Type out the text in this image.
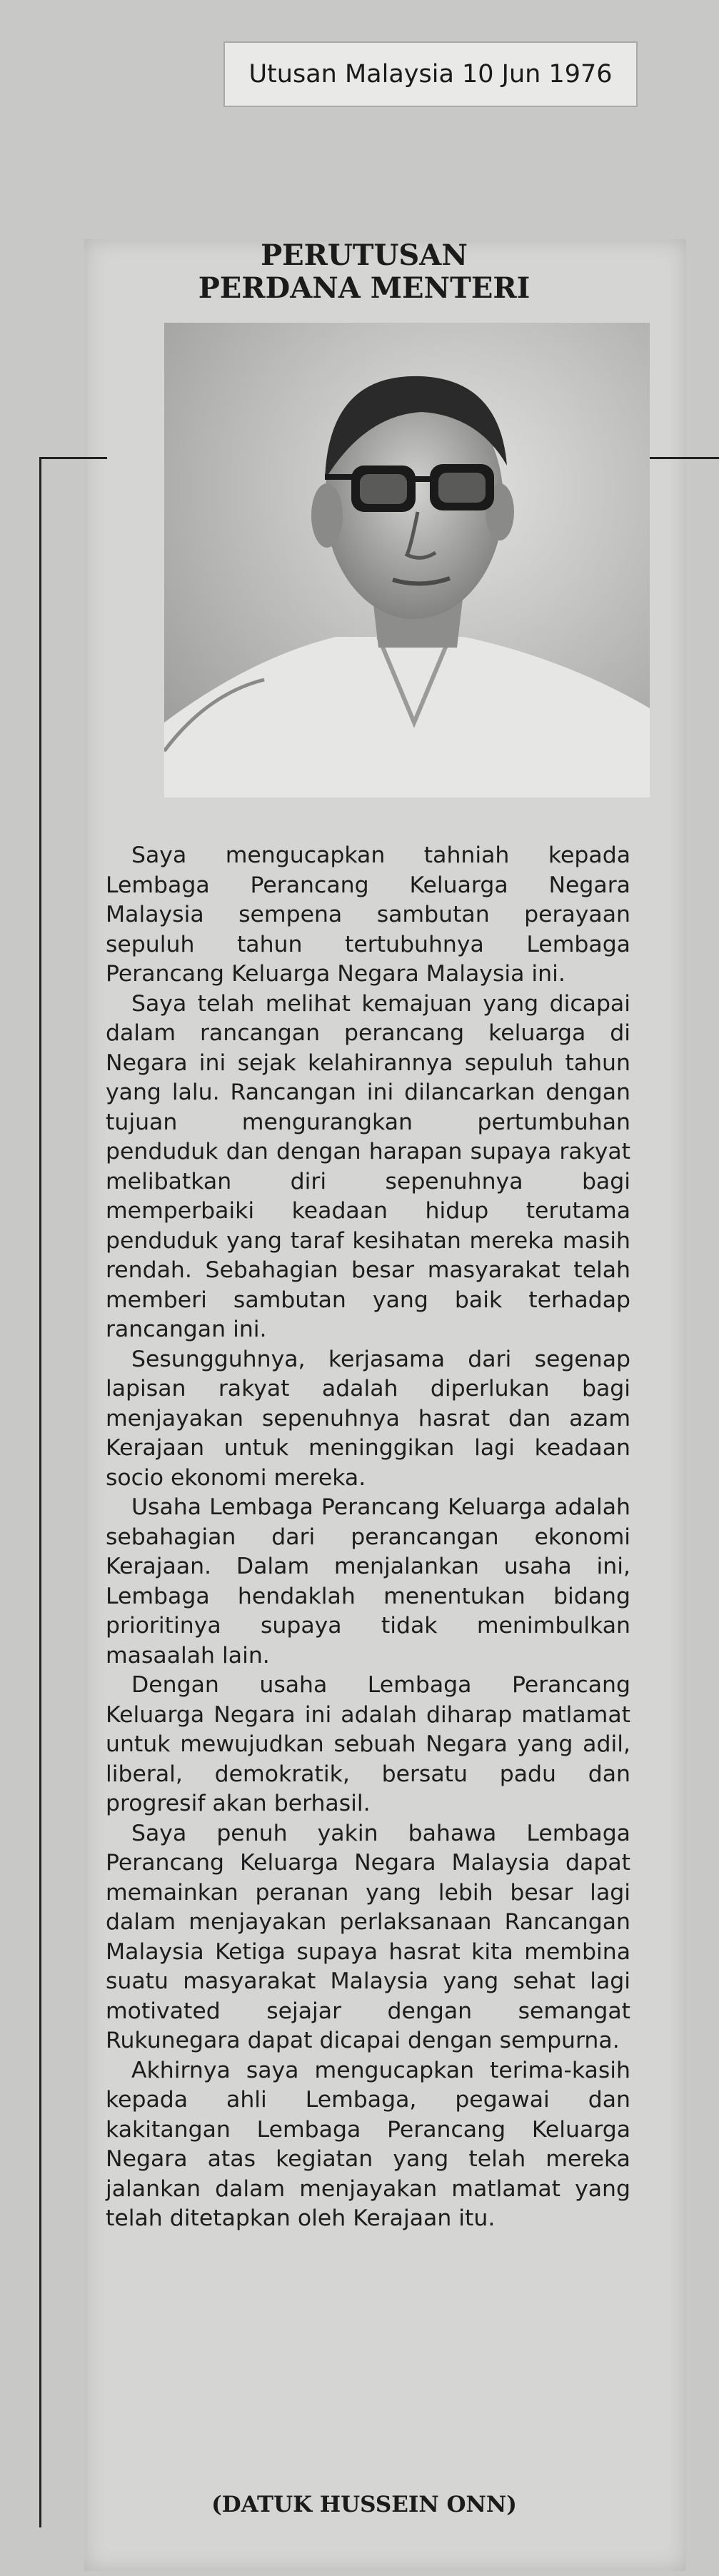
Utusan Malaysia 10 Jun 1976
PERUTUSAN
PERDANA MENTERI

Saya mengucapkan tahniah kepada Lembaga Perancang Keluarga Negara Malaysia sempena sambutan perayaan sepuluh tahun tertubuhnya Lembaga Perancang Keluarga Negara Malaysia ini.

Saya telah melihat kemajuan yang dicapai dalam rancangan perancang keluarga di Negara ini sejak kelahirannya sepuluh tahun yang lalu. Rancangan ini dilancarkan dengan tujuan mengurangkan pertumbuhan penduduk dan dengan harapan supaya rakyat melibatkan diri sepenuhnya bagi memperbaiki keadaan hidup terutama penduduk yang taraf kesihatan mereka masih rendah. Sebahagian besar masyarakat telah memberi sambutan yang baik terhadap rancangan ini.

Sesungguhnya, kerjasama dari segenap lapisan rakyat adalah diperlukan bagi menjayakan sepenuhnya hasrat dan azam Kerajaan untuk meninggikan lagi keadaan socio ekonomi mereka.

Usaha Lembaga Perancang Keluarga adalah sebahagian dari perancangan ekonomi Kerajaan. Dalam menjalankan usaha ini, Lembaga hendaklah menentukan bidang prioritinya supaya tidak menimbulkan masaalah lain.

Dengan usaha Lembaga Perancang Keluarga Negara ini adalah diharap matlamat untuk mewujudkan sebuah Negara yang adil, liberal, demokratik, bersatu padu dan progresif akan berhasil.

Saya penuh yakin bahawa Lembaga Perancang Keluarga Negara Malaysia dapat memainkan peranan yang lebih besar lagi dalam menjayakan perlaksanaan Rancangan Malaysia Ketiga supaya hasrat kita membina suatu masyarakat Malaysia yang sehat lagi motivated sejajar dengan semangat Rukunegara dapat dicapai dengan sempurna.

Akhirnya saya mengucapkan terima-kasih kepada ahli Lembaga, pegawai dan kakitangan Lembaga Perancang Keluarga Negara atas kegiatan yang telah mereka jalankan dalam menjayakan matlamat yang telah ditetapkan oleh Kerajaan itu.

(DATUK HUSSEIN ONN)
